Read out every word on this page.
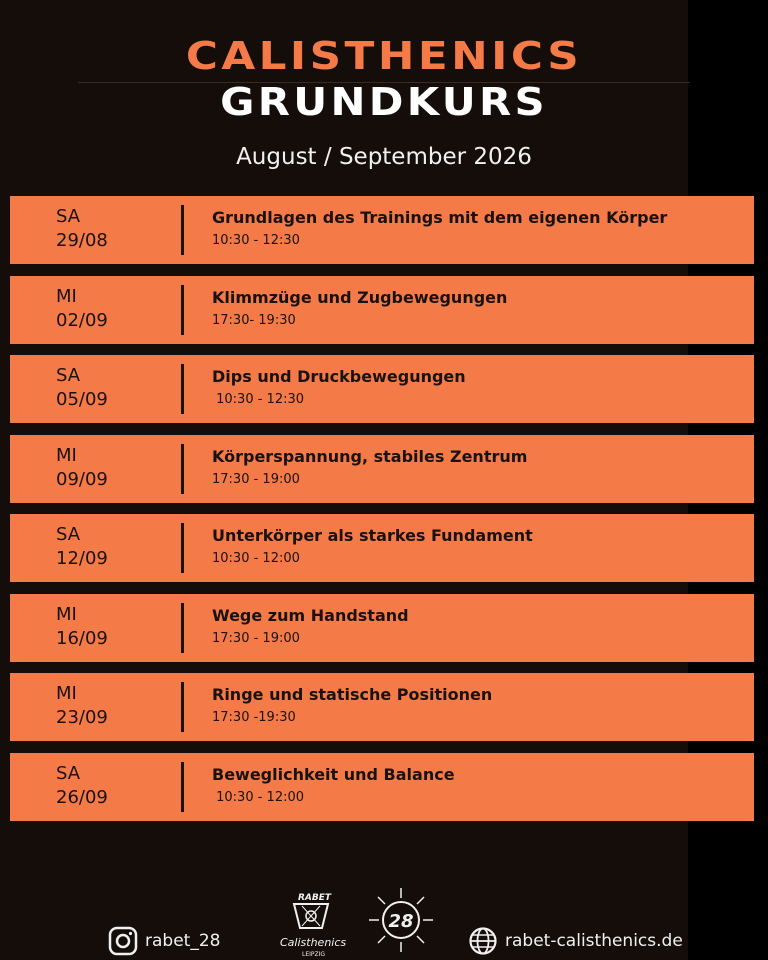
CALISTHENICS
GRUNDKURS
August / September 2026
SA
29/08
Grundlagen des Trainings mit dem eigenen Körper
10:30 - 12:30
MI
02/09
Klimmzüge und Zugbewegungen
17:30- 19:30
SA
05/09
Dips und Druckbewegungen
10:30 - 12:30
MI
09/09
Körperspannung, stabiles Zentrum
17:30 - 19:00
SA
12/09
Unterkörper als starkes Fundament
10:30 - 12:00
MI
16/09
Wege zum Handstand
17:30 - 19:00
MI
23/09
Ringe und statische Positionen
17:30 -19:30
SA
26/09
Beweglichkeit und Balance
10:30 - 12:00
rabet_28
RABET
Calisthenics
LEIPZIG
28
rabet-calisthenics.de
